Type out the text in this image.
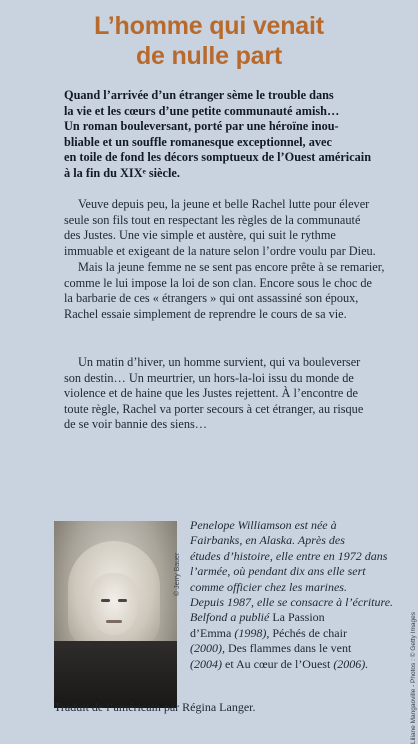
L’homme qui venait
de nulle part
Quand l’arrivée d’un étranger sème le trouble dans
la vie et les cœurs d’une petite communauté amish…
Un roman bouleversant, porté par une héroïne inou-
bliable et un souffle romanesque exceptionnel, avec
en toile de fond les décors somptueux de l’Ouest américain
à la fin du XIXᵉ siècle.
Veuve depuis peu, la jeune et belle Rachel lutte pour élever
seule son fils tout en respectant les règles de la communauté
des Justes. Une vie simple et austère, qui suit le rythme
immuable et exigeant de la nature selon l’ordre voulu par Dieu.
Mais la jeune femme ne se sent pas encore prête à se remarier,
comme le lui impose la loi de son clan. Encore sous le choc de
la barbarie de ces « étrangers » qui ont assassiné son époux,
Rachel essaie simplement de reprendre le cours de sa vie.
Un matin d’hiver, un homme survient, qui va bouleverser
son destin… Un meurtrier, un hors-la-loi issu du monde de
violence et de haine que les Justes rejettent. À l’encontre de
toute règle, Rachel va porter secours à cet étranger, au risque
de se voir bannie des siens…
© Jerry Bauer
Penelope Williamson est née à
Fairbanks, en Alaska. Après des
études d’histoire, elle entre en 1972 dans
l’armée, où pendant dix ans elle sert
comme officier chez les marines.
Depuis 1987, elle se consacre à l’écriture.
Belfond a publié La Passion
d’Emma (1998), Péchés de chair
(2000), Des flammes dans le vent
(2004) et Au cœur de l’Ouest (2006).
Traduit de l’américain par Régina Langer.	Liliane Mangaoville - Photos : © Getty Images
